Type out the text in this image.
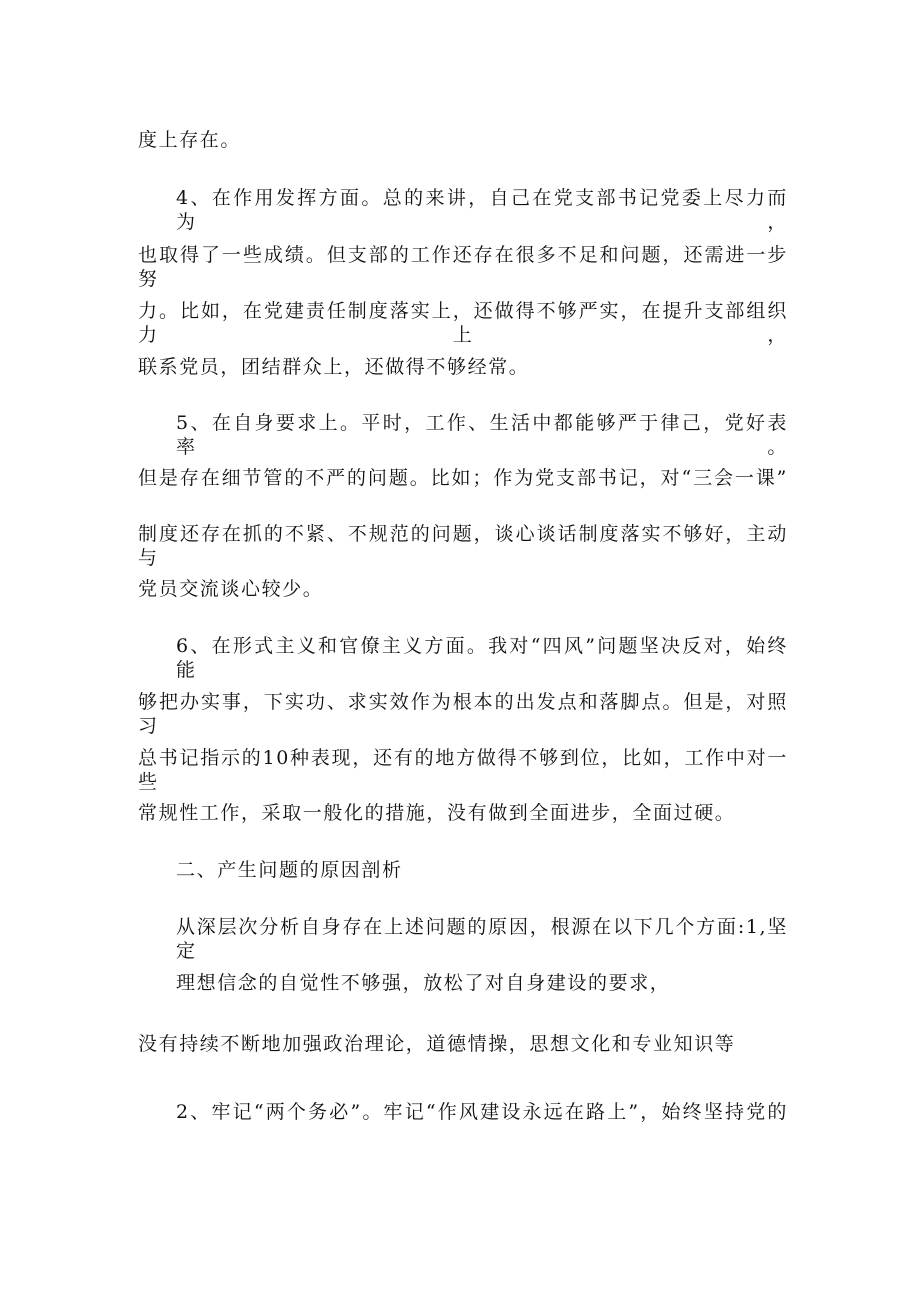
度上存在。
4、在作用发挥方面。总的来讲，自己在党支部书记党委上尽力而为，
也取得了一些成绩。但支部的工作还存在很多不足和问题，还需进一步努
力。比如，在党建责任制度落实上，还做得不够严实，在提升支部组织力上，
联系党员，团结群众上，还做得不够经常。
5、在自身要求上。平时，工作、生活中都能够严于律己，党好表率。
但是存在细节管的不严的问题。比如；作为党支部书记，对“三会一课”
制度还存在抓的不紧、不规范的问题，谈心谈话制度落实不够好，主动与
党员交流谈心较少。
6、在形式主义和官僚主义方面。我对“四风”问题坚决反对，始终能
够把办实事，下实功、求实效作为根本的出发点和落脚点。但是，对照习
总书记指示的10种表现，还有的地方做得不够到位，比如，工作中对一些
常规性工作，采取一般化的措施，没有做到全面进步，全面过硬。
二、产生问题的原因剖析
从深层次分析自身存在上述问题的原因，根源在以下几个方面:1,坚定
理想信念的自觉性不够强，放松了对自身建设的要求，
没有持续不断地加强政治理论，道德情操，思想文化和专业知识等
2、牢记“两个务必”。牢记“作风建设永远在路上”，始终坚持党的
